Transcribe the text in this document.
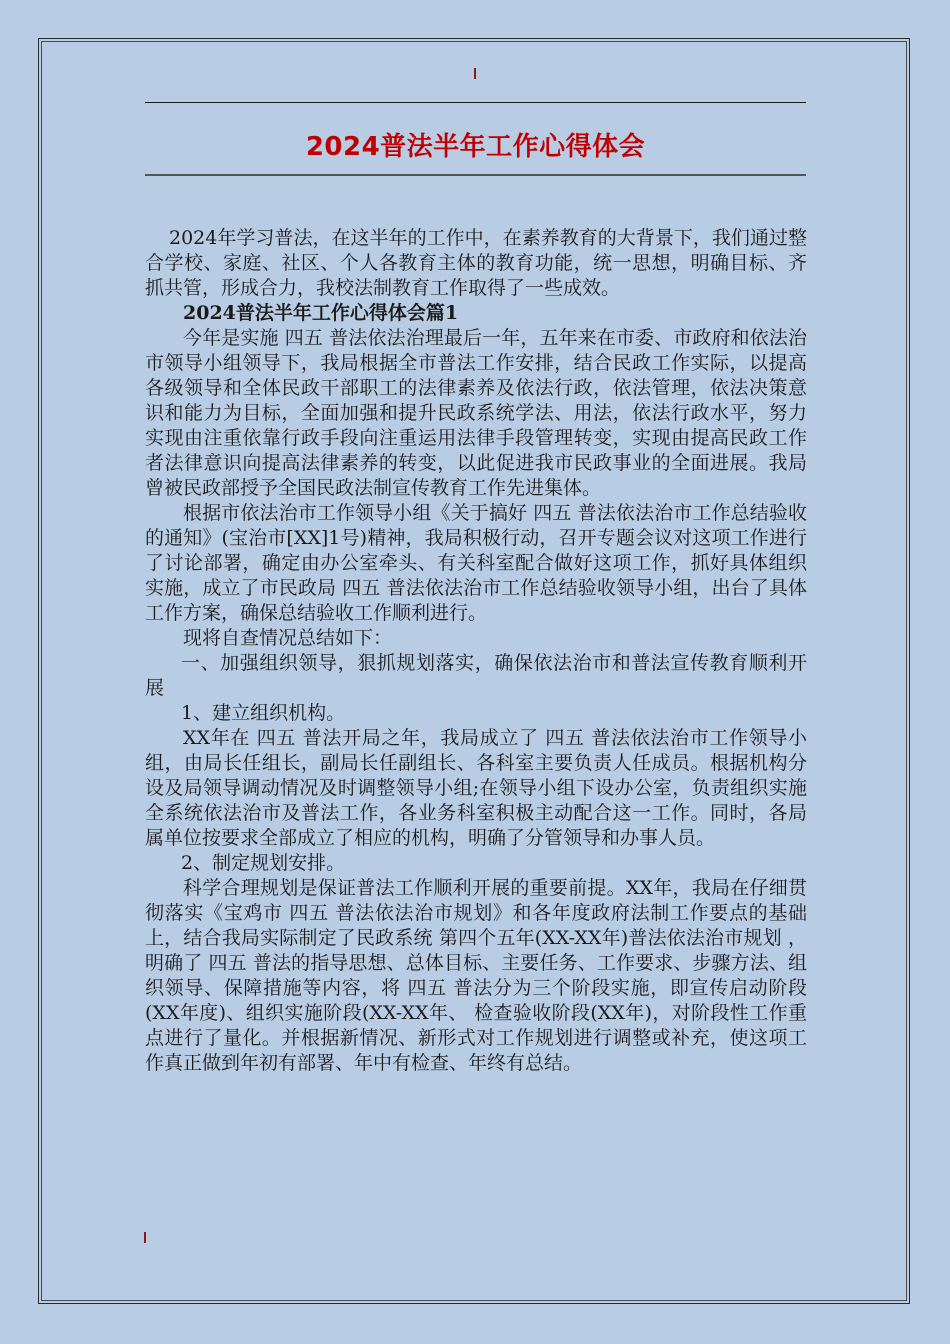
2024普法半年工作心得体会

2024年学习普法，在这半年的工作中，在素养教育的大背景下，我们通过整合学校、家庭、社区、个人各教育主体的教育功能，统一思想，明确目标、齐抓共管，形成合力，我校法制教育工作取得了一些成效。

2024普法半年工作心得体会篇1

今年是实施 四五 普法依法治理最后一年，五年来在市委、市政府和依法治市领导小组领导下，我局根据全市普法工作安排，结合民政工作实际，以提高各级领导和全体民政干部职工的法律素养及依法行政，依法管理，依法决策意识和能力为目标，全面加强和提升民政系统学法、用法，依法行政水平，努力实现由注重依靠行政手段向注重运用法律手段管理转变，实现由提高民政工作者法律意识向提高法律素养的转变，以此促进我市民政事业的全面进展。我局曾被民政部授予全国民政法制宣传教育工作先进集体。

根据市依法治市工作领导小组《关于搞好 四五 普法依法治市工作总结验收的通知》(宝治市[XX]1号)精神，我局积极行动，召开专题会议对这项工作进行了讨论部署，确定由办公室牵头、有关科室配合做好这项工作，抓好具体组织实施，成立了市民政局 四五 普法依法治市工作总结验收领导小组，出台了具体工作方案，确保总结验收工作顺利进行。

现将自查情况总结如下：

一、加强组织领导，狠抓规划落实，确保依法治市和普法宣传教育顺利开展

1、建立组织机构。

XX年在 四五 普法开局之年，我局成立了 四五 普法依法治市工作领导小组，由局长任组长，副局长任副组长、各科室主要负责人任成员。根据机构分设及局领导调动情况及时调整领导小组;在领导小组下设办公室，负责组织实施全系统依法治市及普法工作，各业务科室积极主动配合这一工作。同时，各局属单位按要求全部成立了相应的机构，明确了分管领导和办事人员。

2、制定规划安排。

科学合理规划是保证普法工作顺利开展的重要前提。XX年，我局在仔细贯彻落实《宝鸡市 四五 普法依法治市规划》和各年度政府法制工作要点的基础上，结合我局实际制定了民政系统 第四个五年(XX-XX年)普法依法治市规划 ，明确了 四五 普法的指导思想、总体目标、主要任务、工作要求、步骤方法、组织领导、保障措施等内容，将 四五 普法分为三个阶段实施，即宣传启动阶段(XX年度)、组织实施阶段(XX-XX年、 检查验收阶段(XX年)，对阶段性工作重点进行了量化。并根据新情况、新形式对工作规划进行调整或补充，使这项工作真正做到年初有部署、年中有检查、年终有总结。
